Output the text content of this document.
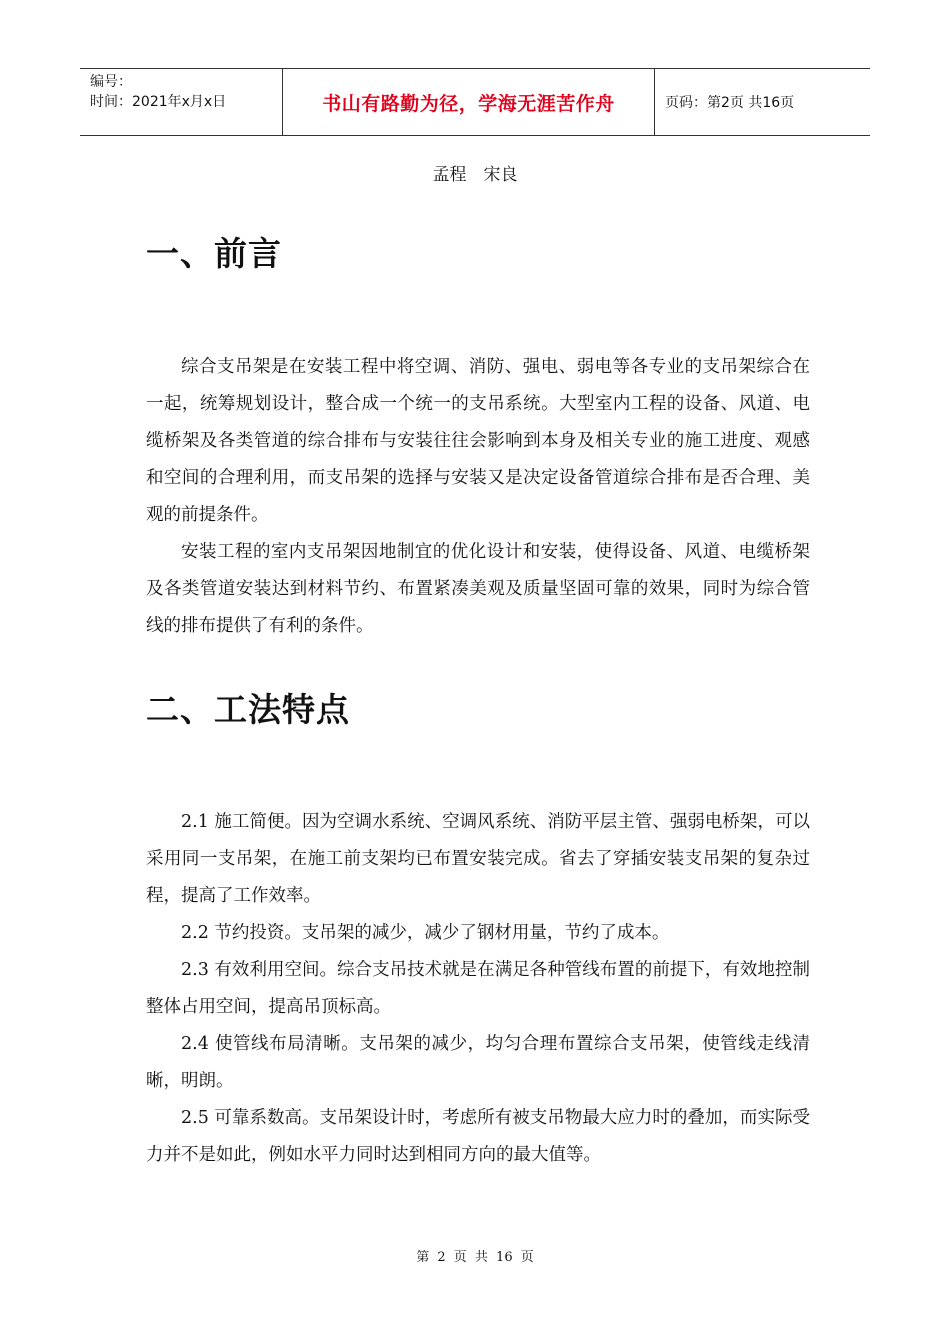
编号：
时间：2021年x月x日	书山有路勤为径，学海无涯苦作舟	页码：第2页 共16页
孟程　宋良
一、前言

综合支吊架是在安装工程中将空调、消防、强电、弱电等各专业的支吊架综合在一起，统筹规划设计，整合成一个统一的支吊系统。大型室内工程的设备、风道、电缆桥架及各类管道的综合排布与安装往往会影响到本身及相关专业的施工进度、观感和空间的合理利用，而支吊架的选择与安装又是决定设备管道综合排布是否合理、美观的前提条件。

安装工程的室内支吊架因地制宜的优化设计和安装，使得设备、风道、电缆桥架及各类管道安装达到材料节约、布置紧凑美观及质量坚固可靠的效果，同时为综合管线的排布提供了有利的条件。

二、工法特点

2.1 施工简便。因为空调水系统、空调风系统、消防平层主管、强弱电桥架，可以采用同一支吊架，在施工前支架均已布置安装完成。省去了穿插安装支吊架的复杂过程，提高了工作效率。

2.2 节约投资。支吊架的减少，减少了钢材用量，节约了成本。

2.3 有效利用空间。综合支吊技术就是在满足各种管线布置的前提下，有效地控制整体占用空间，提高吊顶标高。

2.4 使管线布局清晰。支吊架的减少，均匀合理布置综合支吊架，使管线走线清晰，明朗。

2.5 可靠系数高。支吊架设计时，考虑所有被支吊物最大应力时的叠加，而实际受力并不是如此，例如水平力同时达到相同方向的最大值等。

第 2 页 共 16 页
